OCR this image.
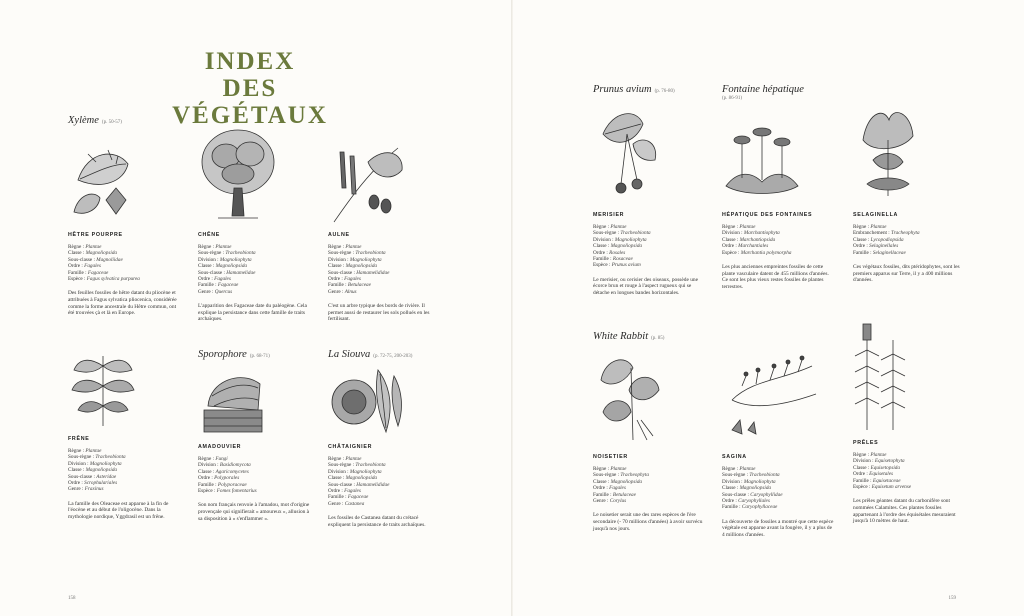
INDEX
DES VÉGÉTAUX
Xylème (p. 50-57)
HÊTRE POURPRE
Règne : Plantae
Classe : Magnoliopsida
Sous-classe : Magnoliidae
Ordre : Fagales
Famille : Fagaceae
Espèce : Fagus sylvatica purpurea
Des feuilles fossiles de hêtre datant du pliocène et attribuées à Fagus sylvatica pliocenica, considérée comme la forme ancestrale du Hêtre commun, ont été trouvées çà et là en Europe.
CHÊNE
Règne : Plantae
Sous-règne : Tracheobionta
Division : Magnoliophyta
Classe : Magnoliopsida
Sous-classe : Hamamelidae
Ordre : Fagales
Famille : Fagaceae
Genre : Quercus
L'apparition des Fagaceae date du paléogène. Cela explique la persistance dans cette famille de traits archaïques.
AULNE
Règne : Plantae
Sous-règne : Tracheobionta
Division : Magnoliophyta
Classe : Magnoliopsida
Sous-classe : Hamamelididae
Ordre : Fagales
Famille : Betulaceae
Genre : Alnus
C'est un arbre typique des bords de rivière. Il permet aussi de restaurer les sols pollués en les fertilisant.
Sporophore (p. 68-71)	La Siouva (p. 72-75, 200-203)
FRÊNE
Règne : Plantae
Sous-règne : Tracheobionta
Division : Magnoliophyta
Classe : Magnoliopsida
Sous-classe : Asteridae
Ordre : Scrophulariales
Genre : Fraxinus
La famille des Oleaceae est apparue à la fin de l'éocène et au début de l'oligocène. Dans la mythologie nordique, Yggdrasil est un frêne.
AMADOUVIER
Règne : Fungi
Division : Basidiomycota
Classe : Agaricomycetes
Ordre : Polyporales
Famille : Polyporaceae
Espèce : Fomes fomentarius
Son nom français renvoie à l'amadou, mot d'origine provençale qui signifierait « amoureux », allusion à sa disposition à « s'enflammer ».
CHÂTAIGNIER
Règne : Plantae
Sous-règne : Tracheobionta
Division : Magnoliophyta
Classe : Magnoliopsida
Sous-classe : Hamamelididae
Ordre : Fagales
Famille : Fagaceae
Genre : Castanea
Les fossiles de Castanea datant du crétacé expliquent la persistance de traits archaïques.
158
Prunus avium (p. 76-80)	Fontaine hépatique
(p. 86-91)
MERISIER
Règne : Plantae
Sous-règne : Tracheobionta
Division : Magnoliophyta
Classe : Magnoliopsida
Ordre : Rosales
Famille : Rosaceae
Espèce : Prunus avium
Le merisier, ou cerisier des oiseaux, possède une écorce brun et rouge à l'aspect rugueux qui se détache en longues bandes horizontales.
HÉPATIQUE DES FONTAINES
Règne : Plantae
Division : Marchantiophyta
Classe : Marchantiopsida
Ordre : Marchantiales
Espèce : Marchantia polymorpha
Les plus anciennes empreintes fossiles de cette plante vasculaire datent de 455 millions d'années. Ce sont les plus vieux restes fossiles de plantes terrestres.
SELAGINELLA
Règne : Plantae
Embranchement : Tracheophyta
Classe : Lycopodiopsida
Ordre : Selaginellales
Famille : Selaginellaceae
Ces végétaux fossiles, dits ptéridophytes, sont les premiers apparus sur Terre, il y a 400 millions d'années.
White Rabbit (p. 85)
NOISETIER
Règne : Plantae
Sous-règne : Tracheophyta
Classe : Magnoliopsida
Ordre : Fagales
Famille : Betulaceae
Genre : Corylus
Le noisetier serait une des rares espèces de l'ère secondaire (- 70 millions d'années) à avoir survécu jusqu'à nos jours.
SAGINA
Règne : Plantae
Sous-règne : Tracheobionta
Division : Magnoliophyta
Classe : Magnoliopsida
Sous-classe : Caryophyllidae
Ordre : Caryophyllales
Famille : Caryophyllaceae
La découverte de fossiles a montré que cette espèce végétale est apparue avant la fougère, il y a plus de 4 millions d'années.
PRÊLES
Règne : Plantae
Division : Equisetophyta
Classe : Equisetopsida
Ordre : Equisetales
Famille : Equisetaceae
Espèce : Equisetum arvense
Les prêles géantes datant du carbonifère sont nommées Calamites. Ces plantes fossiles appartenant à l'ordre des équisétales mesuraient jusqu'à 10 mètres de haut.
159
